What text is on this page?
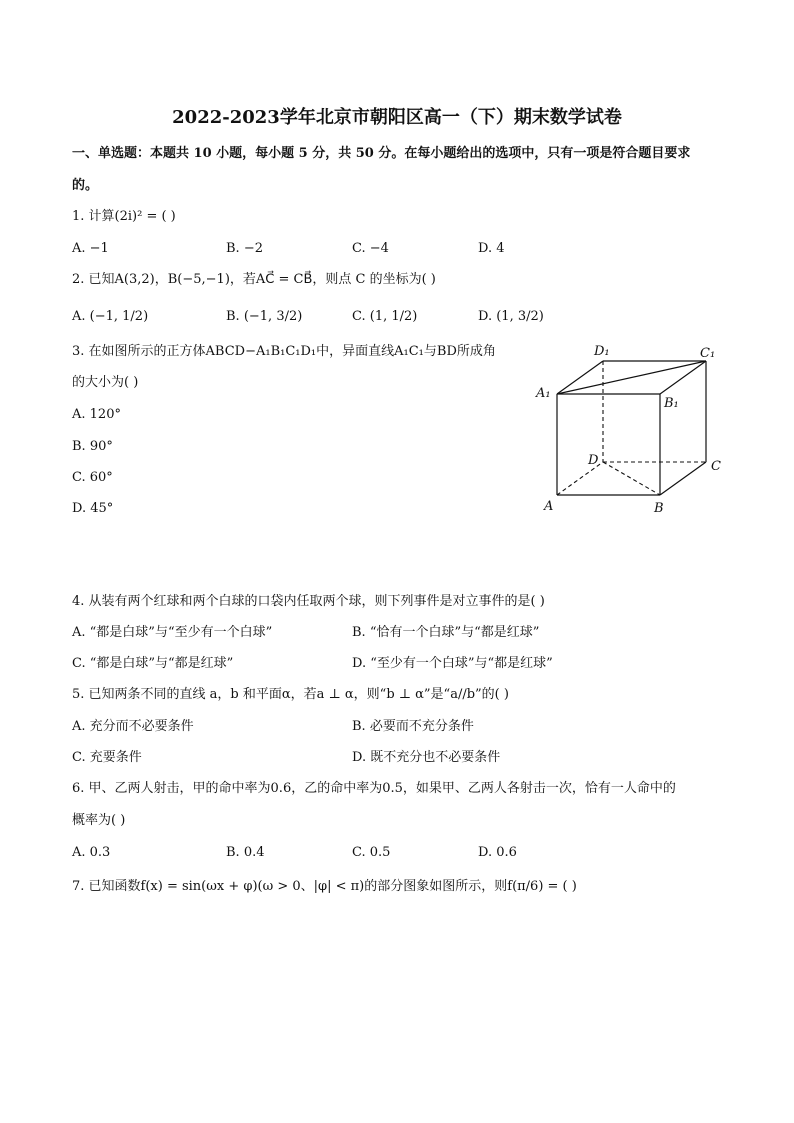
2022-2023学年北京市朝阳区高一（下）期末数学试卷
一、单选题：本题共 10 小题，每小题 5 分，共 50 分。在每小题给出的选项中，只有一项是符合题目要求
的。
1. 计算(2i)² = ( )
A. −1	B. −2	C. −4	D. 4
2. 已知A(3,2)，B(−5,−1)，若AC⃗ = CB⃗，则点 C 的坐标为( )
A. (−1, 1/2)	B. (−1, 3/2)	C. (1, 1/2)	D. (1, 3/2)
3. 在如图所示的正方体ABCD−A₁B₁C₁D₁中，异面直线A₁C₁与BD所成角
的大小为( )
A. 120°
B. 90°
C. 60°
D. 45°
D₁	C₁
A₁
B₁
D	C
A	B
4. 从装有两个红球和两个白球的口袋内任取两个球，则下列事件是对立事件的是( )
A. “都是白球”与“至少有一个白球”	B. “恰有一个白球”与“都是红球”
C. “都是白球”与“都是红球”	D. “至少有一个白球”与“都是红球”
5. 已知两条不同的直线 a，b 和平面α，若a ⊥ α，则“b ⊥ α”是“a//b”的( )
A. 充分而不必要条件	B. 必要而不充分条件
C. 充要条件	D. 既不充分也不必要条件
6. 甲、乙两人射击，甲的命中率为0.6，乙的命中率为0.5，如果甲、乙两人各射击一次，恰有一人命中的
概率为( )
A. 0.3	B. 0.4	C. 0.5	D. 0.6
7. 已知函数f(x) = sin(ωx + φ)(ω > 0、|φ| < π)的部分图象如图所示，则f(π/6) = ( )
